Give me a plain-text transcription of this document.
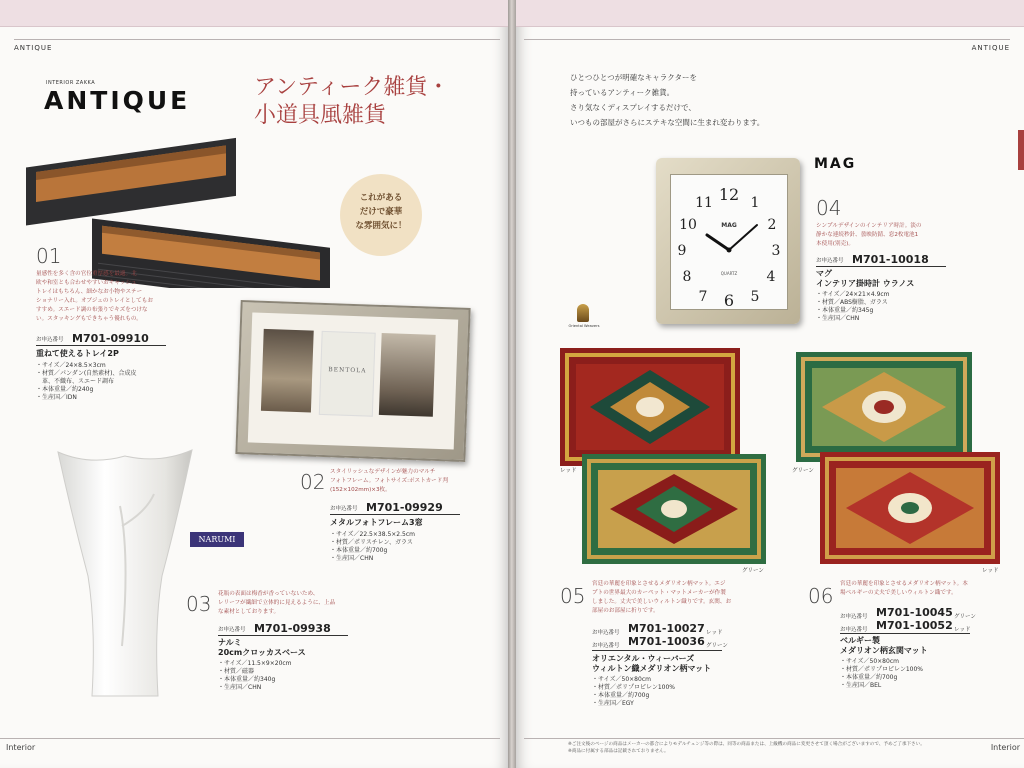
ANTIQUE
INTERIOR ZAKKA
ANTIQUE	アンティーク雑貨・
小道具風雑貨
これがある
だけで豪華
な雰囲気に！
01
量感性を多く含の官位重厚感を最適。北
欧や和室とも合わせやすいおキャッシュ
トレイはもちろん、細かなお小物やステー
ショナリー入れ。オブジェのトレイとしてもお
すすめ。スエード調の布張りでキズをつけな
い。スタッキングもできちゃう優れもの。
お申込番号 M701-09910
重ねて使えるトレイ2P
・サイズ／24×8.5×3cm
・材質／パンダン(自然素材)、合成皮
　革、不織布、スエード調布
・本体重量／約240g
・生産国／IDN
BENTOLA
02 スタイリッシュなデザインが魅力のマルチ
フォトフレーム。フォトサイズ:ポストカード判
(152×102mm)×3枚。
お申込番号 M701-09929
メタルフォトフレーム3窓
・サイズ／22.5×38.5×2.5cm
・材質／ポリスチレン、ガラス
・本体重量／約700g
・生産国／CHN
NARUMI
03 花瓶の表面は梅香が香っていないため、
レリーフが繊細で立体的に見えるように、上品
な素材としております。
お申込番号 M701-09938
ナルミ
20cmクロッカスベース
・サイズ／11.5×9×20cm
・材質／磁器
・本体重量／約340g
・生産国／CHN
Interior
ANTIQUE
ひとつひとつが明確なキャラクターを
持っているアンティーク雑貨。
さり気なくディスプレイするだけで、
いつもの部屋がさらにステキな空間に生まれ変わります。
12 1
2
3
4
5
6
7
8
9
10
11
MAG
QUARTZ
MAG
04
シンプルデザインのインテリア時計。淡の
静かな連続秒針、曇映防錆、窓2枚電池1
本使用(別売)。
お申込番号 M701-10018
マグ
インテリア掛時計 ウラノス
・サイズ／24×21×4.9cm
・材質／ABS樹脂、ガラス
・本体重量／約345g
・生産国／CHN
Oriental Weavers
レッド
グリーン
グリーン
レッド
05 宮廷の華麗を印象とさせるメダリオン柄マット。エジ
プトの世界最大のカーペット・マットメーカーが作製
しました。丈夫で美しいウィルトン織りです。玄関、お
部屋のお部屋に折りです。
お申込番号 M701-10027 レッド
お申込番号 M701-10036 グリーン
オリエンタル・ウィーバーズ
ウィルトン織メダリオン柄マット
・サイズ／50×80cm
・材質／ポリプロピレン100%
・本体重量／約700g
・生産国／EGY
06 宮廷の華麗を印象とさせるメダリオン柄マット。本
場ベルギーの丈夫で美しいウィルトン織です。
お申込番号 M701-10045 グリーン
お申込番号 M701-10052 レッド
ベルギー製
メダリオン柄玄関マット
・サイズ／50×80cm
・材質／ポリプロピレン100%
・本体重量／約700g
・生産国／BEL
※ご注文後のページの商品はメーカーの都合によりモデルチェンジ等の際は、同等の商品または、上級機の商品に変更させて頂く場合がございますので、予めご了承下さい。
※商品に付属する部品は記載されておりません。	Interior
